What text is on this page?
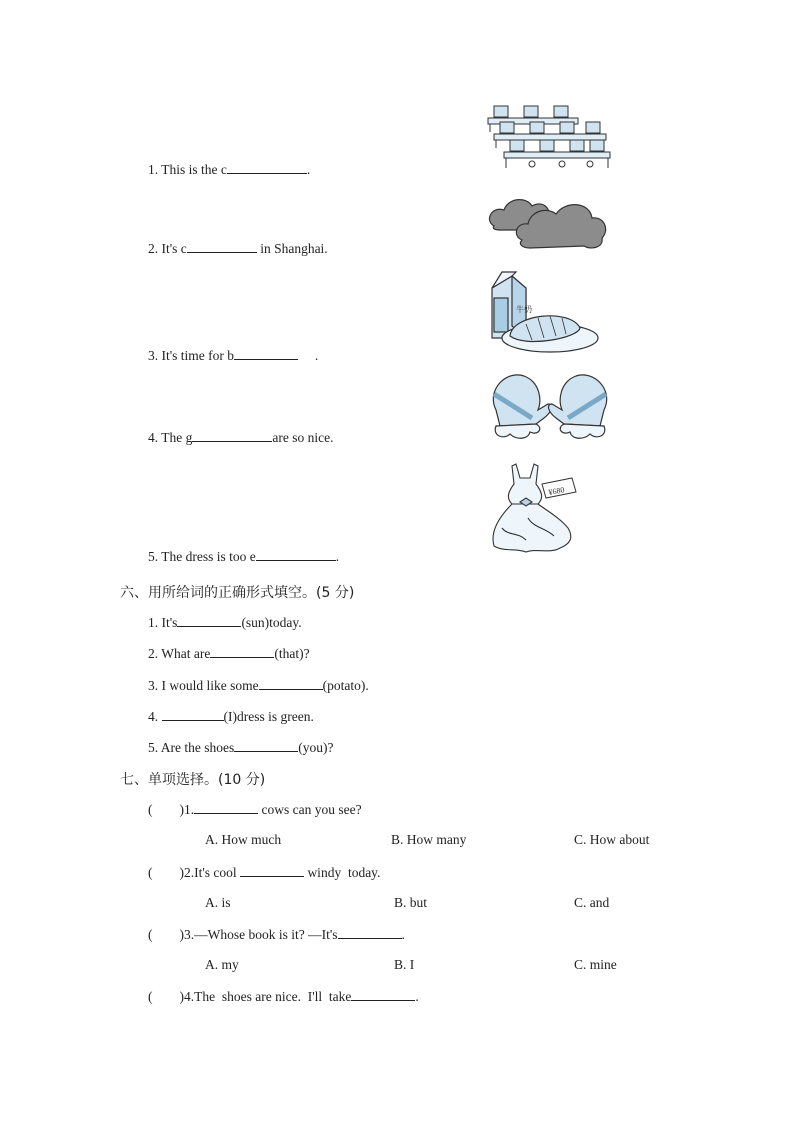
1. This is the c	.
2. It's c	in Shanghai.
3. It's time for b	.
4. The g	are so nice.
5. The dress is too e	.
牛奶
¥680
六、用所给词的正确形式填空。(5 分)
1. It's	(sun)today.
2. What are	(that)?
3. I would like some	(potato).
4.	(I)dress is green.
5. Are the shoes	(you)?
七、单项选择。(10 分)
(        )1.	cows can you see?
A. How much	B. How many	C. How about
(        )2.It's cool	windy  today.
A. is	B. but	C. and
(        )3.—Whose book is it? —It's	.
A. my	B. I	C. mine
(        )4.The  shoes are nice.  I'll  take	.
